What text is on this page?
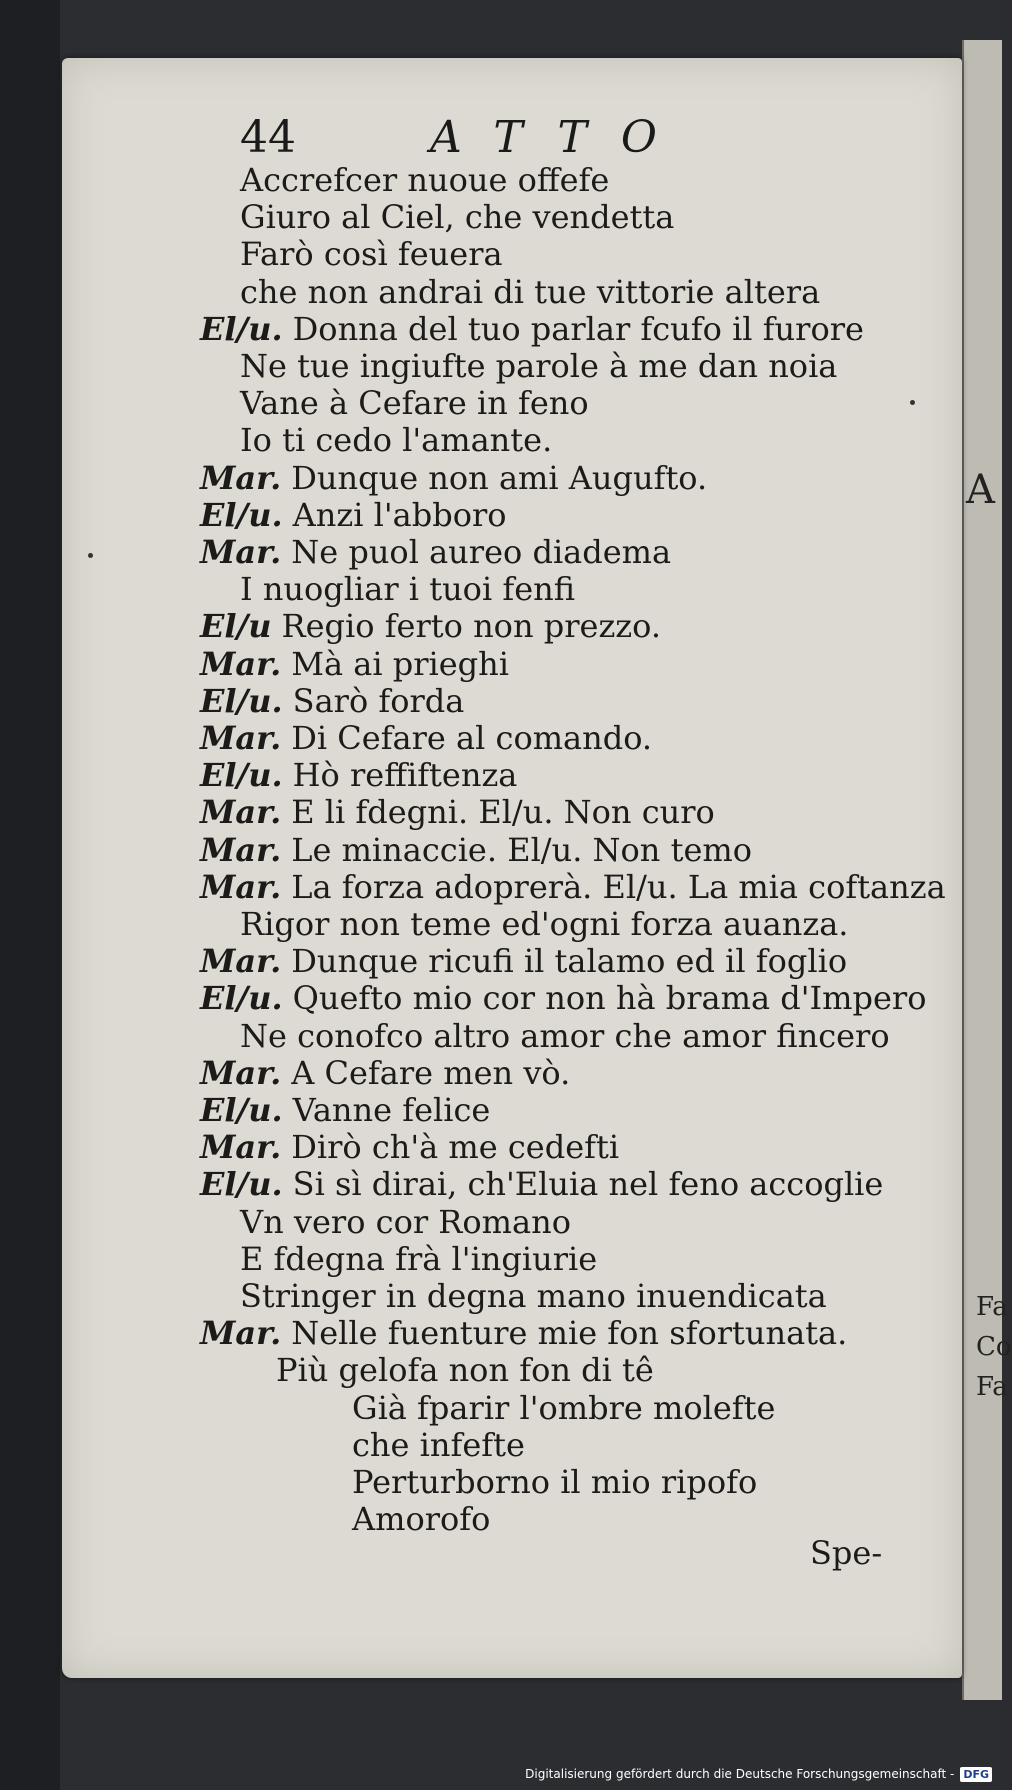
A
Fa
Co
Fa
44	ATTO
Accrefcer nuoue offefe
Giuro al Ciel, che vendetta
Farò così feuera
che non andrai di tue vittorie altera
El/u. Donna del tuo parlar fcufo il furore
Ne tue ingiufte parole à me dan noia
Vane à Cefare in feno
Io ti cedo l'amante.
Mar. Dunque non ami Augufto.
El/u. Anzi l'abboro
Mar. Ne puol aureo diadema
I nuogliar i tuoi fenfi
El/u Regio ferto non prezzo.
Mar. Mà ai prieghi
El/u. Sarò forda
Mar. Di Cefare al comando.
El/u. Hò reffiftenza
Mar. E li fdegni. El/u. Non curo
Mar. Le minaccie. El/u. Non temo
Mar. La forza adoprerà. El/u. La mia coftanza
Rigor non teme ed'ogni forza auanza.
Mar. Dunque ricufi il talamo ed il foglio
El/u. Quefto mio cor non hà brama d'Impero
Ne conofco altro amor che amor fincero
Mar. A Cefare men vò.
El/u. Vanne felice
Mar. Dirò ch'à me cedefti
El/u. Si sì dirai, ch'Eluia nel feno accoglie
Vn vero cor Romano
E fdegna frà l'ingiurie
Stringer in degna mano inuendicata
Mar. Nelle fuenture mie fon sfortunata.
Più gelofa non fon di tê
Già fparir l'ombre molefte
che infefte
Perturborno il mio ripofo
Amorofo
Spe-
Digitalisierung gefördert durch die Deutsche Forschungsgemeinschaft - DFG
